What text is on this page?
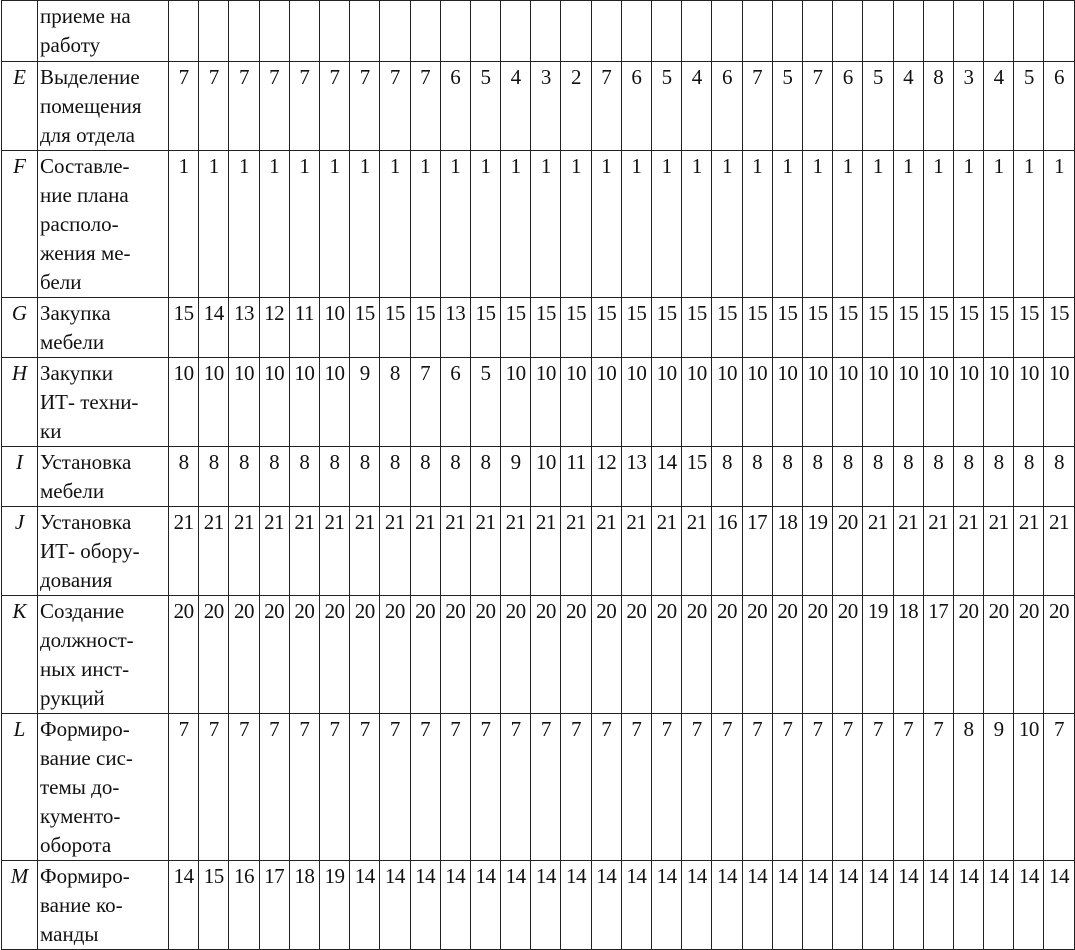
	приеме на
работу																														

E	Выделение
помещения
для отдела	7	7	7	7	7	7	7	7	7	6	5	4	3	2	7	6	5	4	6	7	5	7	6	5	4	8	3	4	5	6
F	Составле-
ние плана
располо-
жения ме-
бели	1	1	1	1	1	1	1	1	1	1	1	1	1	1	1	1	1	1	1	1	1	1	1	1	1	1	1	1	1	1
G	Закупка
мебели	15	14	13	12	11	10	15	15	15	13	15	15	15	15	15	15	15	15	15	15	15	15	15	15	15	15	15	15	15	15
H	Закупки
ИТ- техни-
ки	10	10	10	10	10	10	9	8	7	6	5	10	10	10	10	10	10	10	10	10	10	10	10	10	10	10	10	10	10	10
I	Установка
мебели	8	8	8	8	8	8	8	8	8	8	8	9	10	11	12	13	14	15	8	8	8	8	8	8	8	8	8	8	8	8
J	Установка
ИТ- обору-
дования	21	21	21	21	21	21	21	21	21	21	21	21	21	21	21	21	21	21	16	17	18	19	20	21	21	21	21	21	21	21
К	Создание
должност-
ных инст-
рукций	20	20	20	20	20	20	20	20	20	20	20	20	20	20	20	20	20	20	20	20	20	20	20	19	18	17	20	20	20	20
L	Формиро-
вание сис-
темы до-
кументо-
оборота	7	7	7	7	7	7	7	7	7	7	7	7	7	7	7	7	7	7	7	7	7	7	7	7	7	7	8	9	10	7
M	Формиро-
вание ко-
манды	14	15	16	17	18	19	14	14	14	14	14	14	14	14	14	14	14	14	14	14	14	14	14	14	14	14	14	14	14	14
